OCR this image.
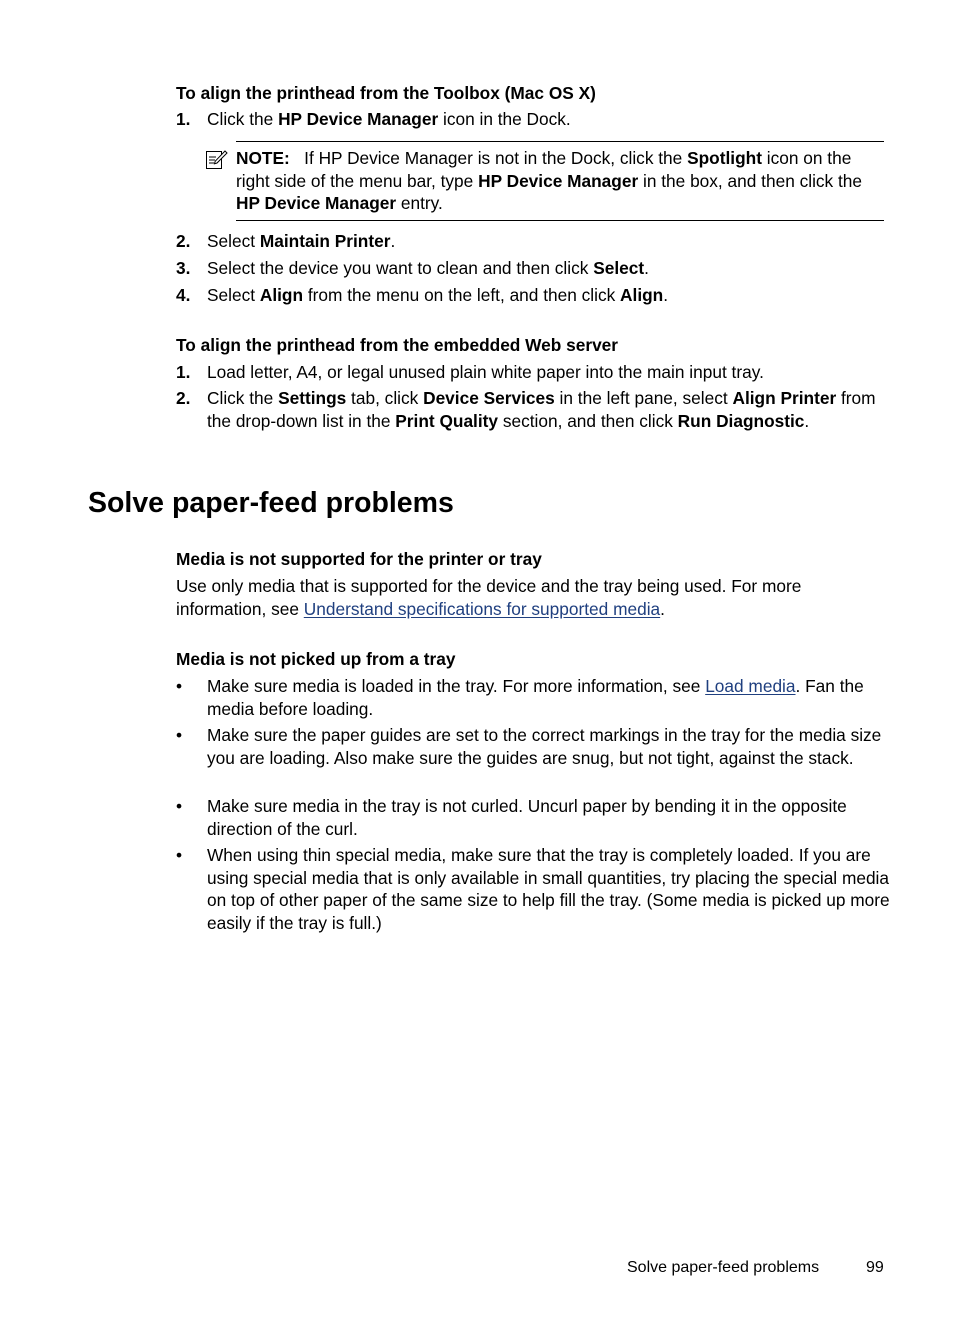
To align the printhead from the Toolbox (Mac OS X)
1. Click the HP Device Manager icon in the Dock.
NOTE: If HP Device Manager is not in the Dock, click the Spotlight icon on the right side of the menu bar, type HP Device Manager in the box, and then click the HP Device Manager entry.
2. Select Maintain Printer.
3. Select the device you want to clean and then click Select.
4. Select Align from the menu on the left, and then click Align.
To align the printhead from the embedded Web server
1. Load letter, A4, or legal unused plain white paper into the main input tray.
2. Click the Settings tab, click Device Services in the left pane, select Align Printer from the drop-down list in the Print Quality section, and then click Run Diagnostic.
Solve paper-feed problems
Media is not supported for the printer or tray
Use only media that is supported for the device and the tray being used. For more information, see Understand specifications for supported media.
Media is not picked up from a tray
• Make sure media is loaded in the tray. For more information, see Load media. Fan the media before loading.
• Make sure the paper guides are set to the correct markings in the tray for the media size you are loading. Also make sure the guides are snug, but not tight, against the stack.
• Make sure media in the tray is not curled. Uncurl paper by bending it in the opposite direction of the curl.
• When using thin special media, make sure that the tray is completely loaded. If you are using special media that is only available in small quantities, try placing the special media on top of other paper of the same size to help fill the tray. (Some media is picked up more easily if the tray is full.)
Solve paper-feed problems	99
